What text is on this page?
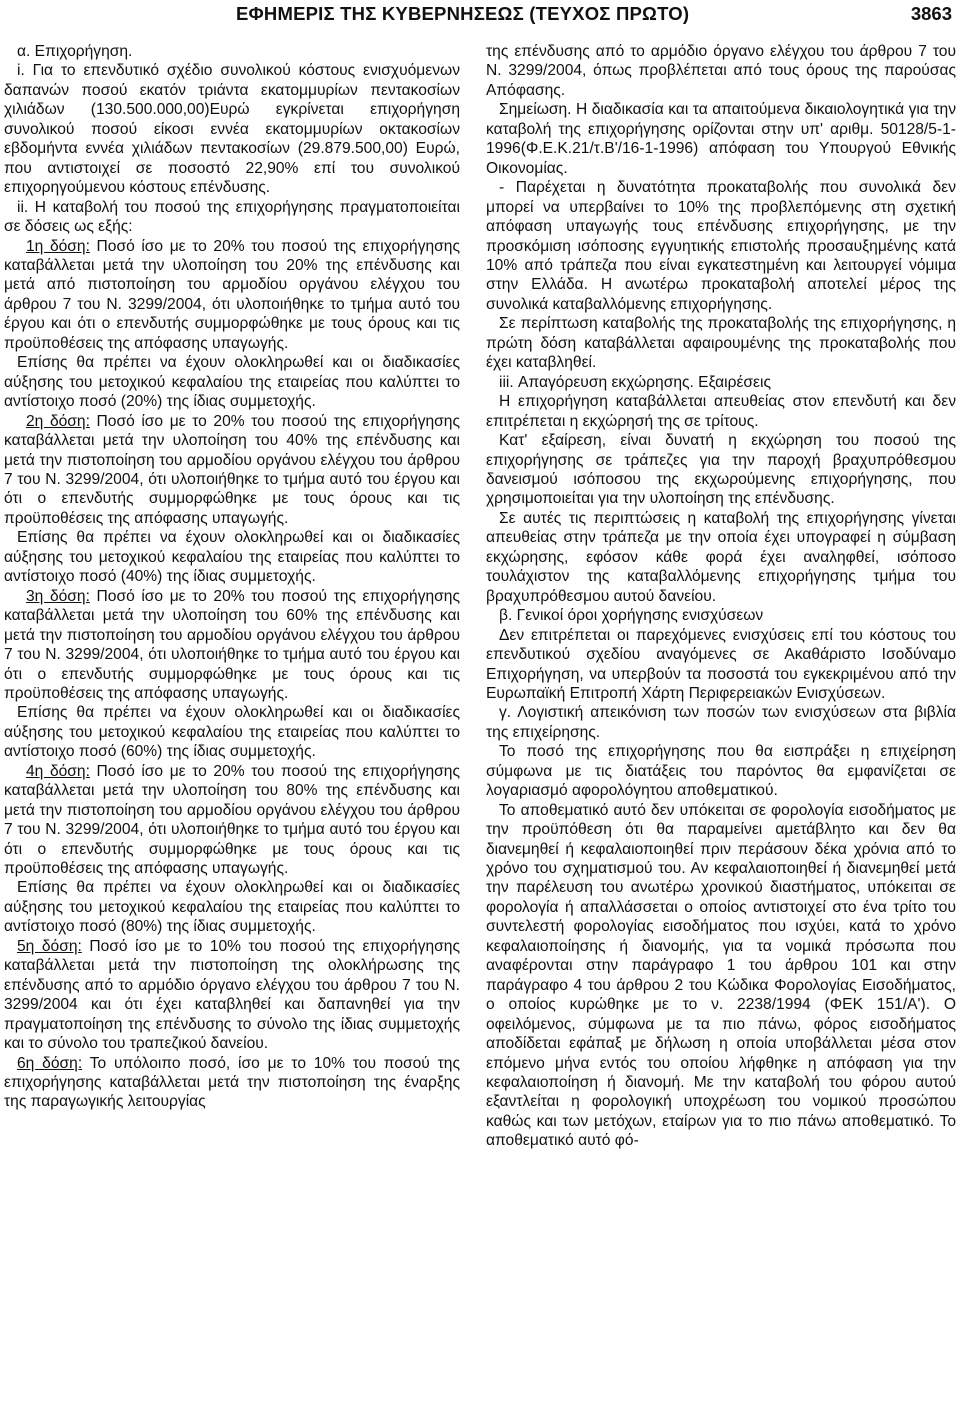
ΕΦΗΜΕΡΙΣ ΤΗΣ ΚΥΒΕΡΝΗΣΕΩΣ (ΤΕΥΧΟΣ ΠΡΩΤΟ)	3863

α. Επιχορήγηση.

i. Για το επενδυτικό σχέδιο συνολικού κόστους ενισχυόμενων δαπανών ποσού εκατόν τριάντα εκατομμυρίων πεντακοσίων χιλιάδων (130.500.000,00)Ευρώ εγκρίνεται επιχορήγηση συνολικού ποσού είκοσι εννέα εκατομμυρίων οκτακοσίων εβδομήντα εννέα χιλιάδων πεντακοσίων (29.879.500,00) Ευρώ, που αντιστοιχεί σε ποσοστό 22,90% επί του συνολικού επιχορηγούμενου κόστους επένδυσης.

ii. Η καταβολή του ποσού της επιχορήγησης πραγματοποιείται σε δόσεις ως εξής:

1η δόση: Ποσό ίσο με το 20% του ποσού της επιχορήγησης καταβάλλεται μετά την υλοποίηση του 20% της επένδυσης και μετά από πιστοποίηση του αρμοδίου οργάνου ελέγχου του άρθρου 7 του Ν. 3299/2004, ότι υλοποιήθηκε το τμήμα αυτό του έργου και ότι ο επενδυτής συμμορφώθηκε με τους όρους και τις προϋποθέσεις της απόφασης υπαγωγής.

Επίσης θα πρέπει να έχουν ολοκληρωθεί και οι διαδικασίες αύξησης του μετοχικού κεφαλαίου της εταιρείας που καλύπτει το αντίστοιχο ποσό (20%) της ίδιας συμμετοχής.

2η δόση: Ποσό ίσο με το 20% του ποσού της επιχορήγησης καταβάλλεται μετά την υλοποίηση του 40% της επένδυσης και μετά την πιστοποίηση του αρμοδίου οργάνου ελέγχου του άρθρου 7 του Ν. 3299/2004, ότι υλοποιήθηκε το τμήμα αυτό του έργου και ότι ο επενδυτής συμμορφώθηκε με τους όρους και τις προϋποθέσεις της απόφασης υπαγωγής.

Επίσης θα πρέπει να έχουν ολοκληρωθεί και οι διαδικασίες αύξησης του μετοχικού κεφαλαίου της εταιρείας που καλύπτει το αντίστοιχο ποσό (40%) της ίδιας συμμετοχής.

3η δόση: Ποσό ίσο με το 20% του ποσού της επιχορήγησης καταβάλλεται μετά την υλοποίηση του 60% της επένδυσης και μετά την πιστοποίηση του αρμοδίου οργάνου ελέγχου του άρθρου 7 του Ν. 3299/2004, ότι υλοποιήθηκε το τμήμα αυτό του έργου και ότι ο επενδυτής συμμορφώθηκε με τους όρους και τις προϋποθέσεις της απόφασης υπαγωγής.

Επίσης θα πρέπει να έχουν ολοκληρωθεί και οι διαδικασίες αύξησης του μετοχικού κεφαλαίου της εταιρείας που καλύπτει το αντίστοιχο ποσό (60%) της ίδιας συμμετοχής.

4η δόση: Ποσό ίσο με το 20% του ποσού της επιχορήγησης καταβάλλεται μετά την υλοποίηση του 80% της επένδυσης και μετά την πιστοποίηση του αρμοδίου οργάνου ελέγχου του άρθρου 7 του Ν. 3299/2004, ότι υλοποιήθηκε το τμήμα αυτό του έργου και ότι ο επενδυτής συμμορφώθηκε με τους όρους και τις προϋποθέσεις της απόφασης υπαγωγής.

Επίσης θα πρέπει να έχουν ολοκληρωθεί και οι διαδικασίες αύξησης του μετοχικού κεφαλαίου της εταιρείας που καλύπτει το αντίστοιχο ποσό (80%) της ίδιας συμμετοχής.

5η δόση: Ποσό ίσο με το 10% του ποσού της επιχορήγησης καταβάλλεται μετά την πιστοποίηση της ολοκλήρωσης της επένδυσης από το αρμόδιο όργανο ελέγχου του άρθρου 7 του Ν. 3299/2004 και ότι έχει καταβληθεί και δαπανηθεί για την πραγματοποίηση της επένδυσης το σύνολο της ίδιας συμμετοχής και το σύνολο του τραπεζικού δανείου.

6η δόση: Το υπόλοιπο ποσό, ίσο με το 10% του ποσού της επιχορήγησης καταβάλλεται μετά την πιστοποίηση της έναρξης της παραγωγικής λειτουργίας

της επένδυσης από το αρμόδιο όργανο ελέγχου του άρθρου 7 του Ν. 3299/2004, όπως προβλέπεται από τους όρους της παρούσας Απόφασης.

Σημείωση. Η διαδικασία και τα απαιτούμενα δικαιολογητικά για την καταβολή της επιχορήγησης ορίζονται στην υπ' αριθμ. 50128/5-1-1996(Φ.Ε.Κ.21/τ.Β'/16-1-1996) απόφαση του Υπουργού Εθνικής Οικονομίας.

- Παρέχεται η δυνατότητα προκαταβολής που συνολικά δεν μπορεί να υπερβαίνει το 10% της προβλεπόμενης στη σχετική απόφαση υπαγωγής τους επένδυσης επιχορήγησης, με την προσκόμιση ισόποσης εγγυητικής επιστολής προσαυξημένης κατά 10% από τράπεζα που είναι εγκατεστημένη και λειτουργεί νόμιμα στην Ελλάδα. Η ανωτέρω προκαταβολή αποτελεί μέρος της συνολικά καταβαλλόμενης επιχορήγησης.

Σε περίπτωση καταβολής της προκαταβολής της επιχορήγησης, η πρώτη δόση καταβάλλεται αφαιρουμένης της προκαταβολής που έχει καταβληθεί.

iii. Απαγόρευση εκχώρησης. Εξαιρέσεις

Η επιχορήγηση καταβάλλεται απευθείας στον επενδυτή και δεν επιτρέπεται η εκχώρησή της σε τρίτους.

Κατ' εξαίρεση, είναι δυνατή η εκχώρηση του ποσού της επιχορήγησης σε τράπεζες για την παροχή βραχυπρόθεσμου δανεισμού ισόποσου της εκχωρούμενης επιχορήγησης, που χρησιμοποιείται για την υλοποίηση της επένδυσης.

Σε αυτές τις περιπτώσεις η καταβολή της επιχορήγησης γίνεται απευθείας στην τράπεζα με την οποία έχει υπογραφεί η σύμβαση εκχώρησης, εφόσον κάθε φορά έχει αναληφθεί, ισόποσο τουλάχιστον της καταβαλλόμενης επιχορήγησης τμήμα του βραχυπρόθεσμου αυτού δανείου.

β. Γενικοί όροι χορήγησης ενισχύσεων

Δεν επιτρέπεται οι παρεχόμενες ενισχύσεις επί του κόστους του επενδυτικού σχεδίου αναγόμενες σε Ακαθάριστο Ισοδύναμο Επιχορήγηση, να υπερβούν τα ποσοστά του εγκεκριμένου από την Ευρωπαϊκή Επιτροπή Χάρτη Περιφερειακών Ενισχύσεων.

γ. Λογιστική απεικόνιση των ποσών των ενισχύσεων στα βιβλία της επιχείρησης.

Το ποσό της επιχορήγησης που θα εισπράξει η επιχείρηση σύμφωνα με τις διατάξεις του παρόντος θα εμφανίζεται σε λογαριασμό αφορολόγητου αποθεματικού.

Το αποθεματικό αυτό δεν υπόκειται σε φορολογία εισοδήματος με την προϋπόθεση ότι θα παραμείνει αμετάβλητο και δεν θα διανεμηθεί ή κεφαλαιοποιηθεί πριν περάσουν δέκα χρόνια από το χρόνο του σχηματισμού του. Αν κεφαλαιοποιηθεί ή διανεμηθεί μετά την παρέλευση του ανωτέρω χρονικού διαστήματος, υπόκειται σε φορολογία ή απαλλάσσεται ο οποίος αντιστοιχεί στο ένα τρίτο του συντελεστή φορολογίας εισοδήματος που ισχύει, κατά το χρόνο κεφαλαιοποίησης ή διανομής, για τα νομικά πρόσωπα που αναφέρονται στην παράγραφο 1 του άρθρου 101 και στην παράγραφο 4 του άρθρου 2 του Κώδικα Φορολογίας Εισοδήματος, ο οποίος κυρώθηκε με το ν. 2238/1994 (ΦΕΚ 151/Α'). Ο οφειλόμενος, σύμφωνα με τα πιο πάνω, φόρος εισοδήματος αποδίδεται εφάπαξ με δήλωση η οποία υποβάλλεται μέσα στον επόμενο μήνα εντός του οποίου λήφθηκε η απόφαση για την κεφαλαιοποίηση ή διανομή. Με την καταβολή του φόρου αυτού εξαντλείται η φορολογική υποχρέωση του νομικού προσώπου καθώς και των μετόχων, εταίρων για το πιο πάνω αποθεματικό. Το αποθεματικό αυτό φό-
